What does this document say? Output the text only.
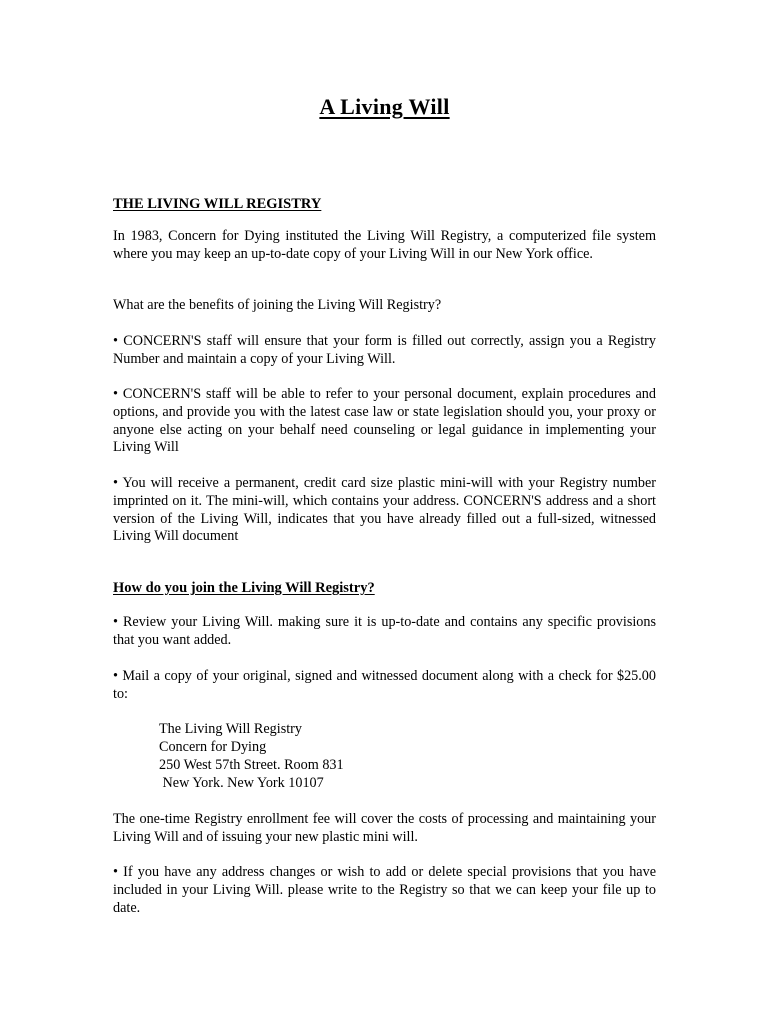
A Living Will
THE LIVING WILL REGISTRY

In 1983, Concern for Dying instituted the Living Will Registry, a computerized file system where you may keep an up-to-date copy of your Living Will in our New York office.

What are the benefits of joining the Living Will Registry?

• CONCERN'S staff will ensure that your form is filled out correctly, assign you a Registry Number and maintain a copy of your Living Will.

• CONCERN'S staff will be able to refer to your personal document, explain procedures and options, and provide you with the latest case law or state legislation should you, your proxy or anyone else acting on your behalf need counseling or legal guidance in implementing your Living Will

• You will receive a permanent, credit card size plastic mini-will with your Registry number imprinted on it. The mini-will, which contains your address. CONCERN'S address and a short version of the Living Will, indicates that you have already filled out a full-sized, witnessed Living Will document

How do you join the Living Will Registry?

• Review your Living Will. making sure it is up-to-date and contains any specific provisions that you want added.

• Mail a copy of your original, signed and witnessed document along with a check for $25.00 to:

The Living Will Registry
Concern for Dying
250 West 57th Street. Room 831
New York. New York 10107

The one-time Registry enrollment fee will cover the costs of processing and maintaining your Living Will and of issuing your new plastic mini will.

• If you have any address changes or wish to add or delete special provisions that you have included in your Living Will. please write to the Registry so that we can keep your file up to date.
